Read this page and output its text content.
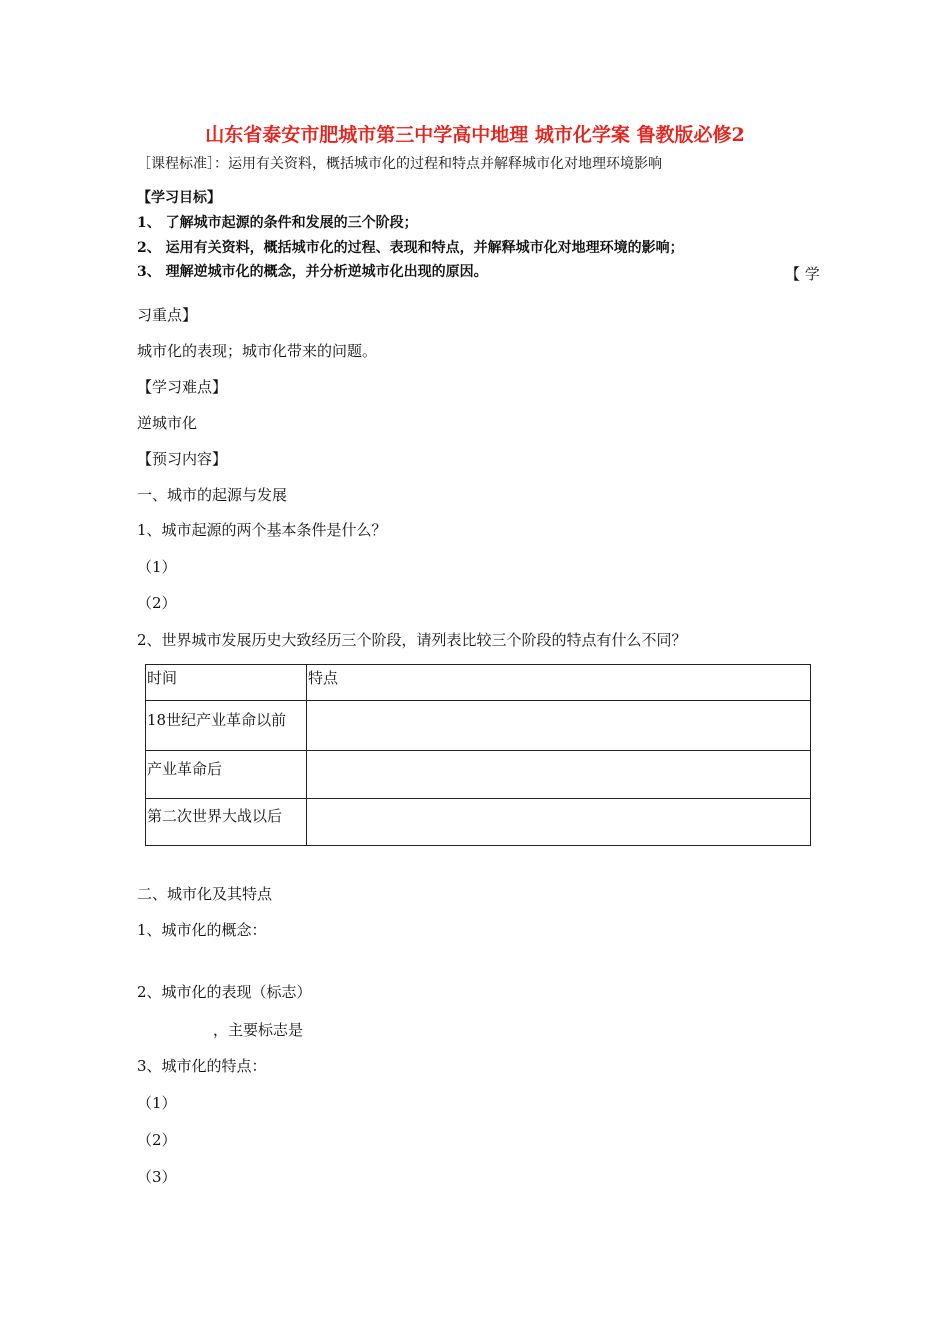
山东省泰安市肥城市第三中学高中地理 城市化学案 鲁教版必修2
［课程标准］：运用有关资料，概括城市化的过程和特点并解释城市化对地理环境影响
【学习目标】
1、 了解城市起源的条件和发展的三个阶段；
2、 运用有关资料，概括城市化的过程、表现和特点，并解释城市化对地理环境的影响；
3、 理解逆城市化的概念，并分析逆城市化出现的原因。	【 学
习重点】
城市化的表现；城市化带来的问题。
【学习难点】
逆城市化
【预习内容】
一、城市的起源与发展
1、城市起源的两个基本条件是什么？
（1）
（2）
2、世界城市发展历史大致经历三个阶段，请列表比较三个阶段的特点有什么不同？
时间	特点
18世纪产业革命以前	
产业革命后	
第二次世界大战以后	
二、城市化及其特点
1、城市化的概念：
2、城市化的表现（标志）
，主要标志是
3、城市化的特点：
（1）
（2）
（3）
